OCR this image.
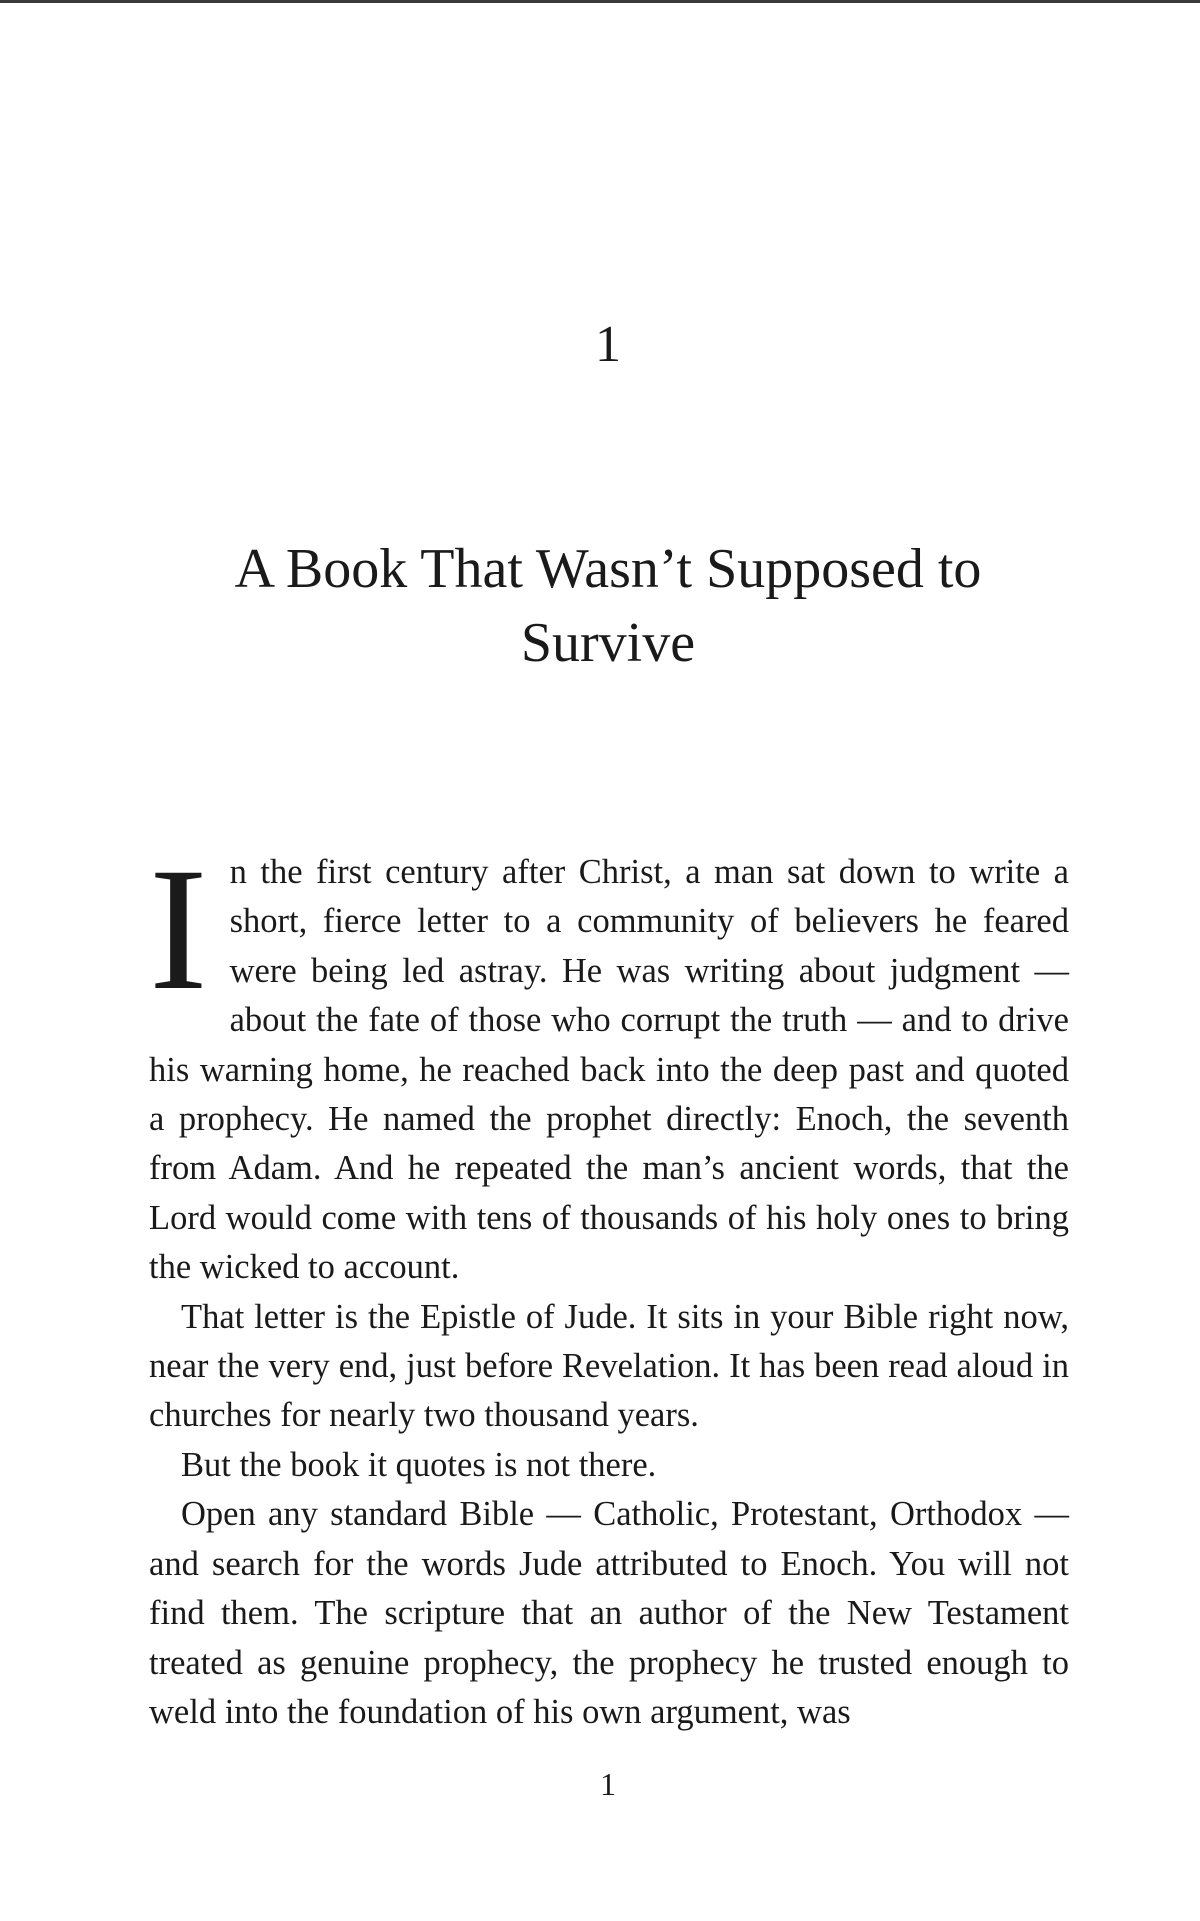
1
A Book That Wasn’t Supposed to Survive

In the first century after Christ, a man sat down to write a short, fierce letter to a community of believers he feared were being led astray. He was writing about judgment — about the fate of those who corrupt the truth — and to drive his warning home, he reached back into the deep past and quoted a prophecy. He named the prophet directly: Enoch, the seventh from Adam. And he repeated the man’s ancient words, that the Lord would come with tens of thousands of his holy ones to bring the wicked to account.

That letter is the Epistle of Jude. It sits in your Bible right now, near the very end, just before Revelation. It has been read aloud in churches for nearly two thousand years.

But the book it quotes is not there.

Open any standard Bible — Catholic, Protestant, Orthodox — and search for the words Jude attributed to Enoch. You will not find them. The scripture that an author of the New Testament treated as genuine prophecy, the prophecy he trusted enough to weld into the foundation of his own argument, was

1
